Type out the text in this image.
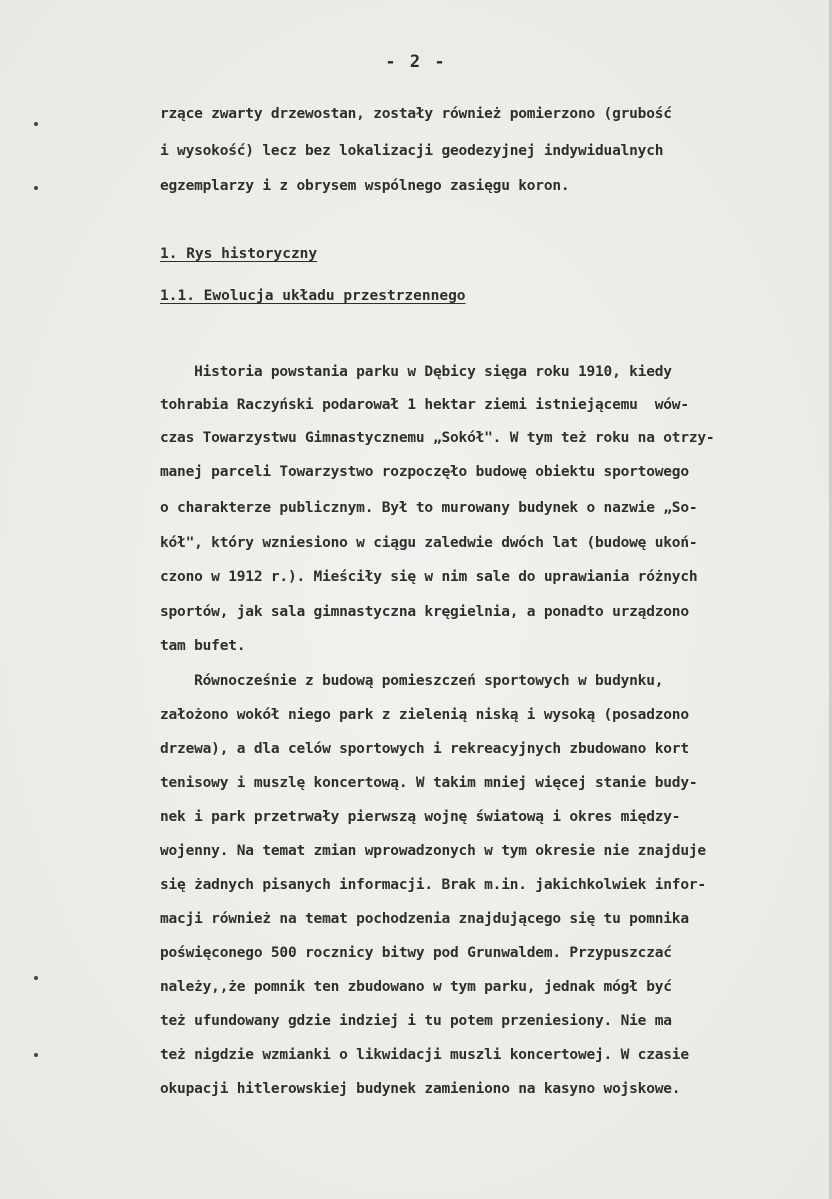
- 2 -
rzące zwarty drzewostan, zostały również pomierzono (grubość
i wysokość) lecz bez lokalizacji geodezyjnej indywidualnych
egzemplarzy i z obrysem wspólnego zasięgu koron.
1. Rys historyczny
1.1. Ewolucja układu przestrzennego
Historia powstania parku w Dębicy sięga roku 1910, kiedy
tohrabia Raczyński podarował 1 hektar ziemi istniejącemu  wów-
czas Towarzystwu Gimnastycznemu „Sokół". W tym też roku na otrzy-
manej parceli Towarzystwo rozpoczęło budowę obiektu sportowego
o charakterze publicznym. Był to murowany budynek o nazwie „So-
kół", który wzniesiono w ciągu zaledwie dwóch lat (budowę ukoń-
czono w 1912 r.). Mieściły się w nim sale do uprawiania różnych
sportów, jak sala gimnastyczna kręgielnia, a ponadto urządzono
tam bufet.
Równocześnie z budową pomieszczeń sportowych w budynku,
założono wokół niego park z zielenią niską i wysoką (posadzono
drzewa), a dla celów sportowych i rekreacyjnych zbudowano kort
tenisowy i muszlę koncertową. W takim mniej więcej stanie budy-
nek i park przetrwały pierwszą wojnę światową i okres między-
wojenny. Na temat zmian wprowadzonych w tym okresie nie znajduje
się żadnych pisanych informacji. Brak m.in. jakichkolwiek infor-
macji również na temat pochodzenia znajdującego się tu pomnika
poświęconego 500 rocznicy bitwy pod Grunwaldem. Przypuszczać
należy,,że pomnik ten zbudowano w tym parku, jednak mógł być
też ufundowany gdzie indziej i tu potem przeniesiony. Nie ma
też nigdzie wzmianki o likwidacji muszli koncertowej. W czasie
okupacji hitlerowskiej budynek zamieniono na kasyno wojskowe.
